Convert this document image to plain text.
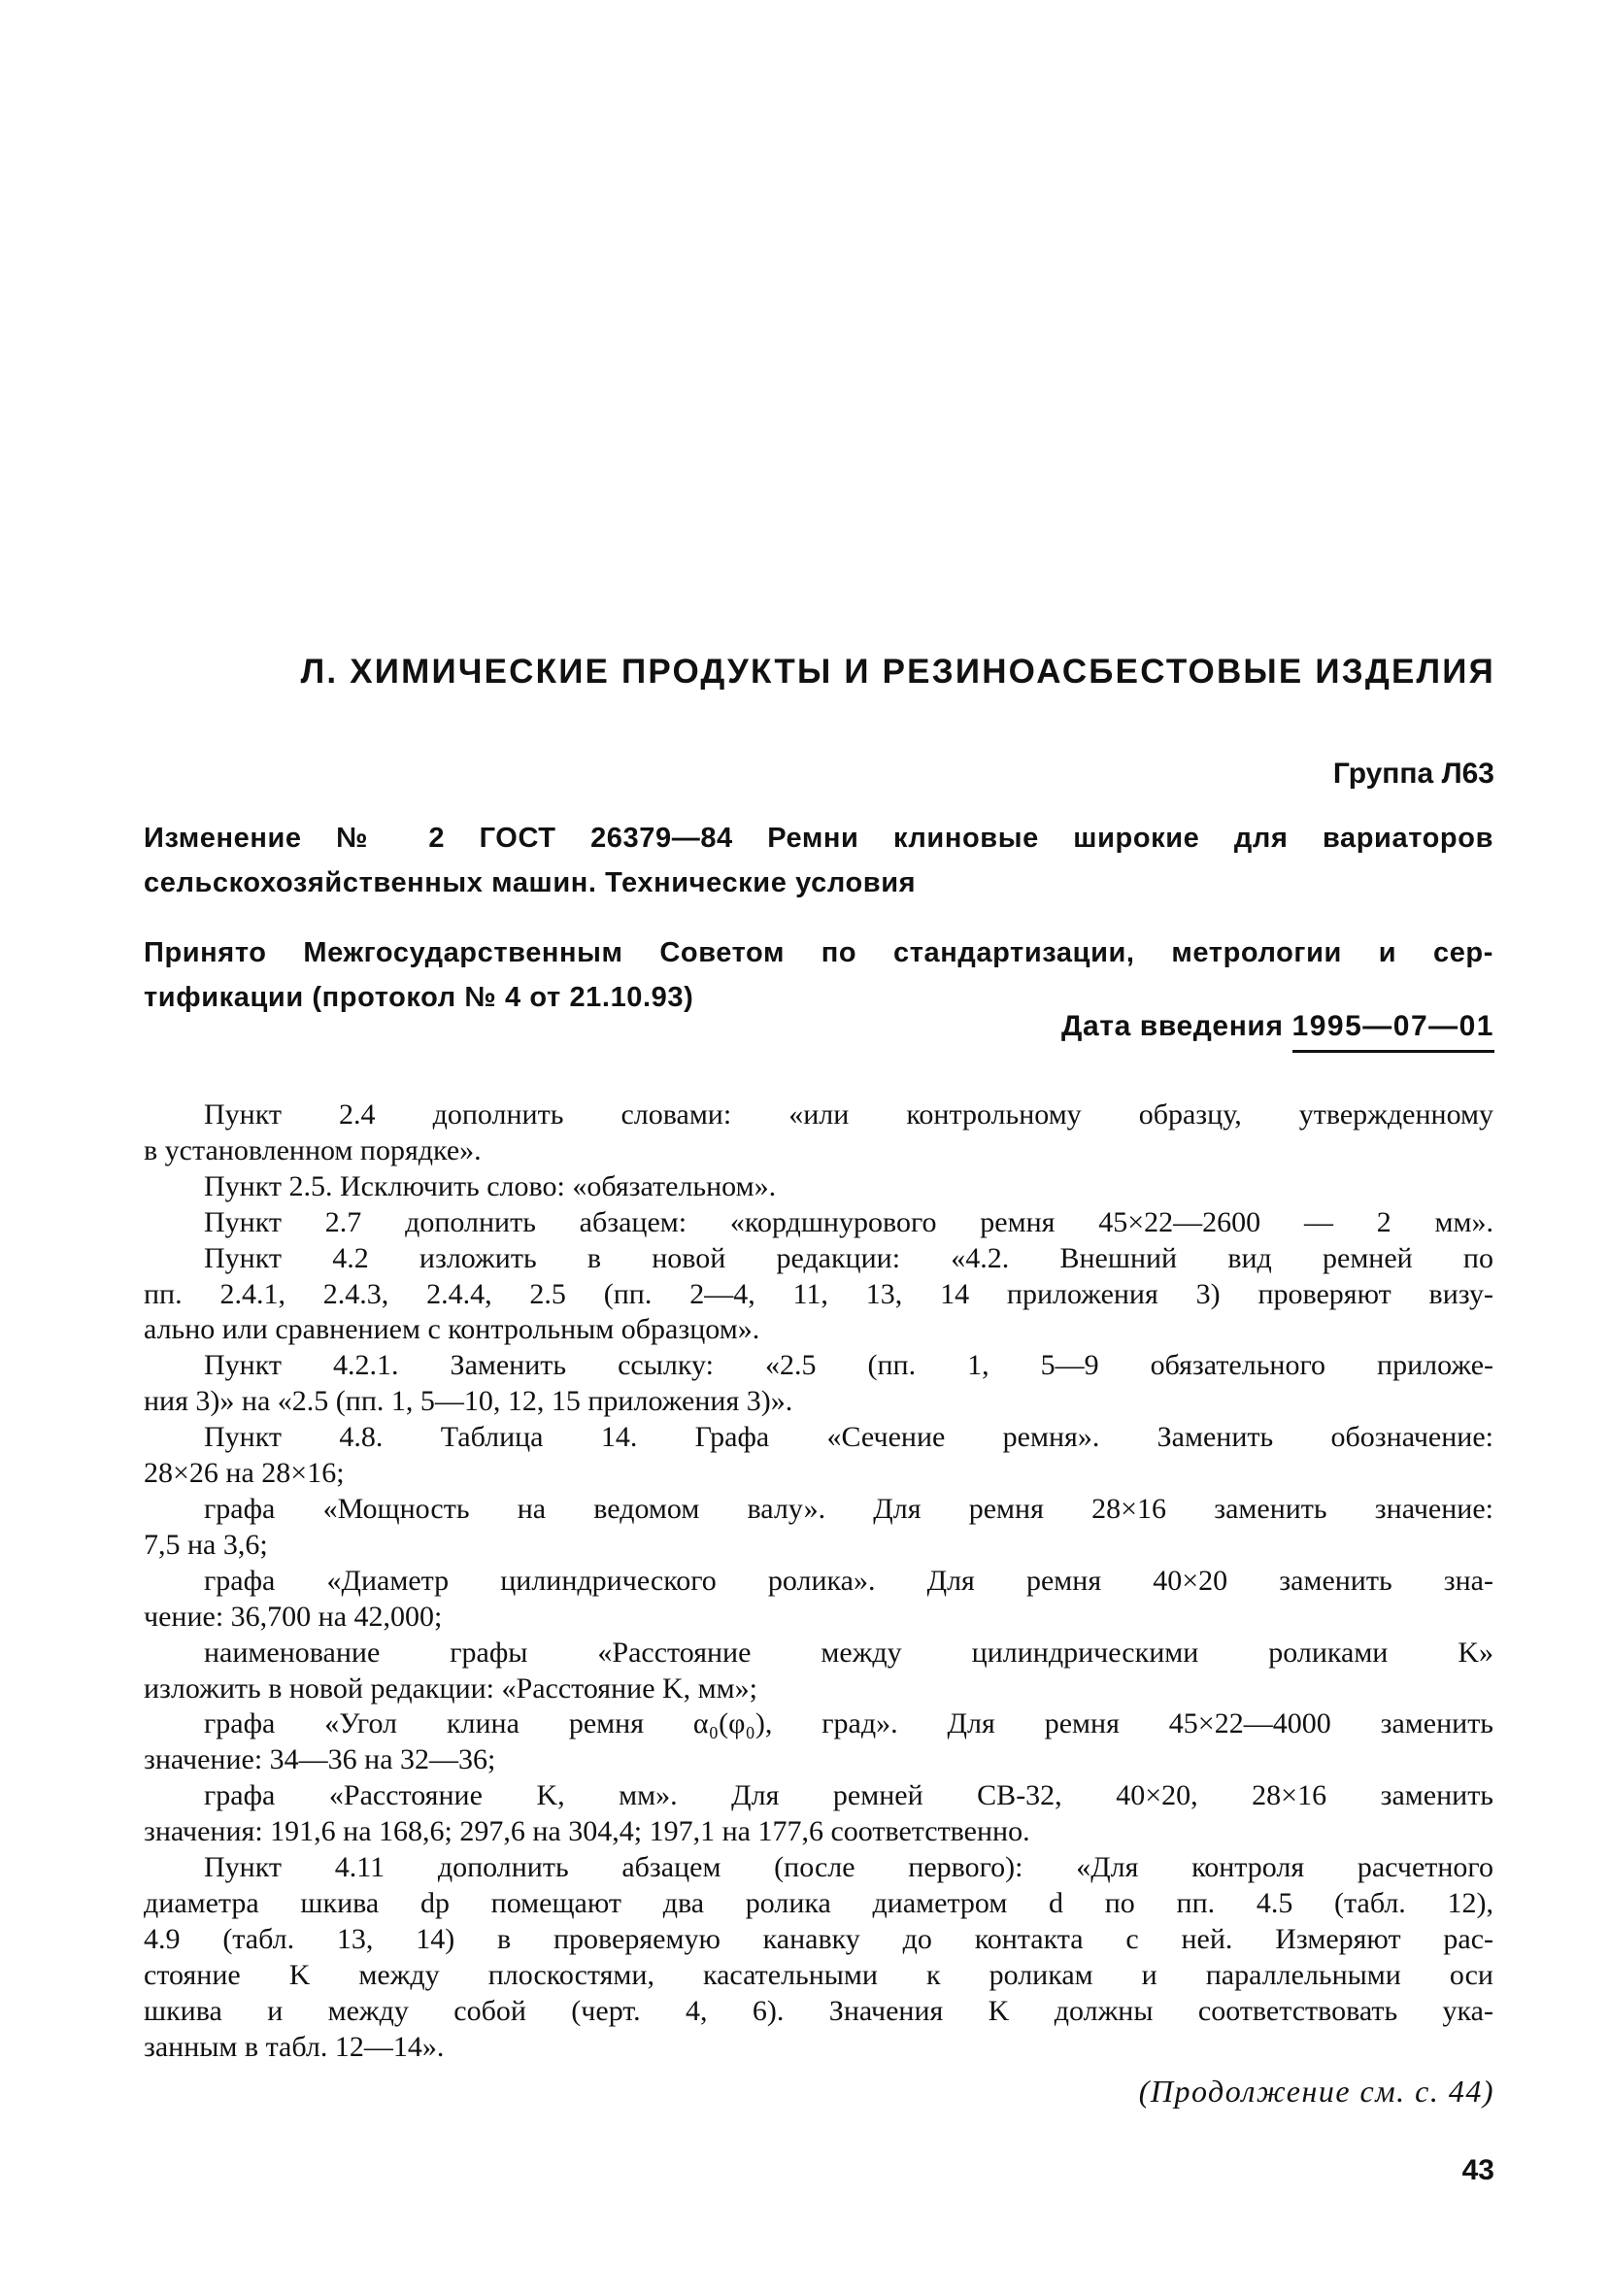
Л. ХИМИЧЕСКИЕ ПРОДУКТЫ И РЕЗИНОАСБЕСТОВЫЕ ИЗДЕЛИЯ
Группа Л63
Изменение № 2 ГОСТ 26379—84 Ремни клиновые широкие для вариаторов
сельскохозяйственных машин. Технические условия
Принято Межгосударственным Советом по стандартизации, метрологии и сер-
тификации (протокол № 4 от 21.10.93)
Дата введения 1995—07—01
Пункт 2.4 дополнить словами: «или контрольному образцу, утвержденному
в установленном порядке».
Пункт 2.5. Исключить слово: «обязательном».
Пункт 2.7 дополнить абзацем: «кордшнурового ремня 45×22—2600 — 2 мм».
Пункт 4.2 изложить в новой редакции: «4.2. Внешний вид ремней по
пп. 2.4.1, 2.4.3, 2.4.4, 2.5 (пп. 2—4, 11, 13, 14 приложения 3) проверяют визу-
ально или сравнением с контрольным образцом».
Пункт 4.2.1. Заменить ссылку: «2.5 (пп. 1, 5—9 обязательного приложе-
ния 3)» на «2.5 (пп. 1, 5—10, 12, 15 приложения 3)».
Пункт 4.8. Таблица 14. Графа «Сечение ремня». Заменить обозначение:
28×26 на 28×16;
графа «Мощность на ведомом валу». Для ремня 28×16 заменить значение:
7,5 на 3,6;
графа «Диаметр цилиндрического ролика». Для ремня 40×20 заменить зна-
чение: 36,700 на 42,000;
наименование графы «Расстояние между цилиндрическими роликами K»
изложить в новой редакции: «Расстояние K, мм»;
графа «Угол клина ремня α₀(φ₀), град». Для ремня 45×22—4000 заменить
значение: 34—36 на 32—36;
графа «Расстояние K, мм». Для ремней СВ-32, 40×20, 28×16 заменить
значения: 191,6 на 168,6; 297,6 на 304,4; 197,1 на 177,6 соответственно.
Пункт 4.11 дополнить абзацем (после первого): «Для контроля расчетного
диаметра шкива dp помещают два ролика диаметром d по пп. 4.5 (табл. 12),
4.9 (табл. 13, 14) в проверяемую канавку до контакта с ней. Измеряют рас-
стояние K между плоскостями, касательными к роликам и параллельными оси
шкива и между собой (черт. 4, 6). Значения K должны соответствовать ука-
занным в табл. 12—14».
(Продолжение см. с. 44)
43
